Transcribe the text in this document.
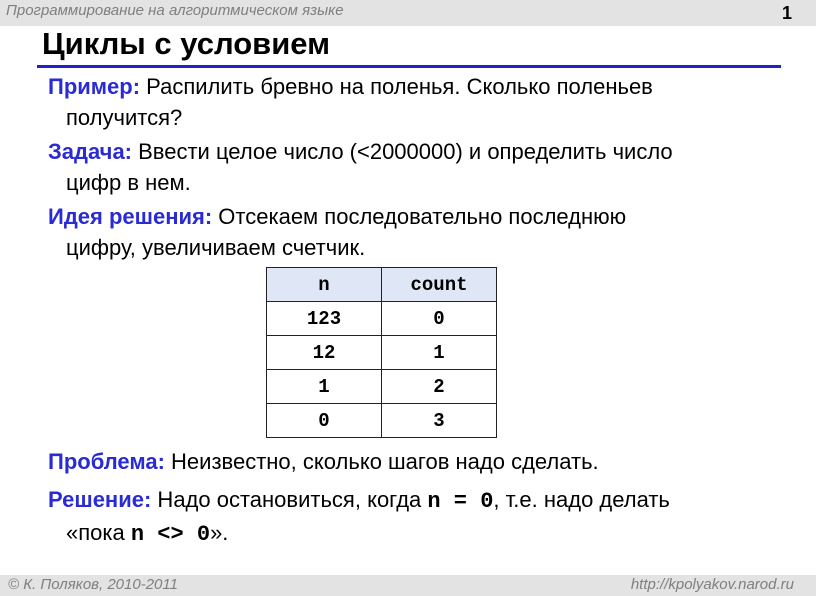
Программирование на алгоритмическом языке	1
Циклы с условием
Пример: Распилить бревно на поленья. Сколько поленьев
получится?
Задача: Ввести целое число (<2000000) и определить число
цифр в нем.
Идея решения: Отсекаем последовательно последнюю
цифру, увеличиваем счетчик.
n	count
123	0
12	1
1	2
0	3
Проблема: Неизвестно, сколько шагов надо сделать.
Решение: Надо остановиться, когда n = 0, т.е. надо делать
«пока n <> 0».
© К. Поляков, 2010-2011	http://kpolyakov.narod.ru
